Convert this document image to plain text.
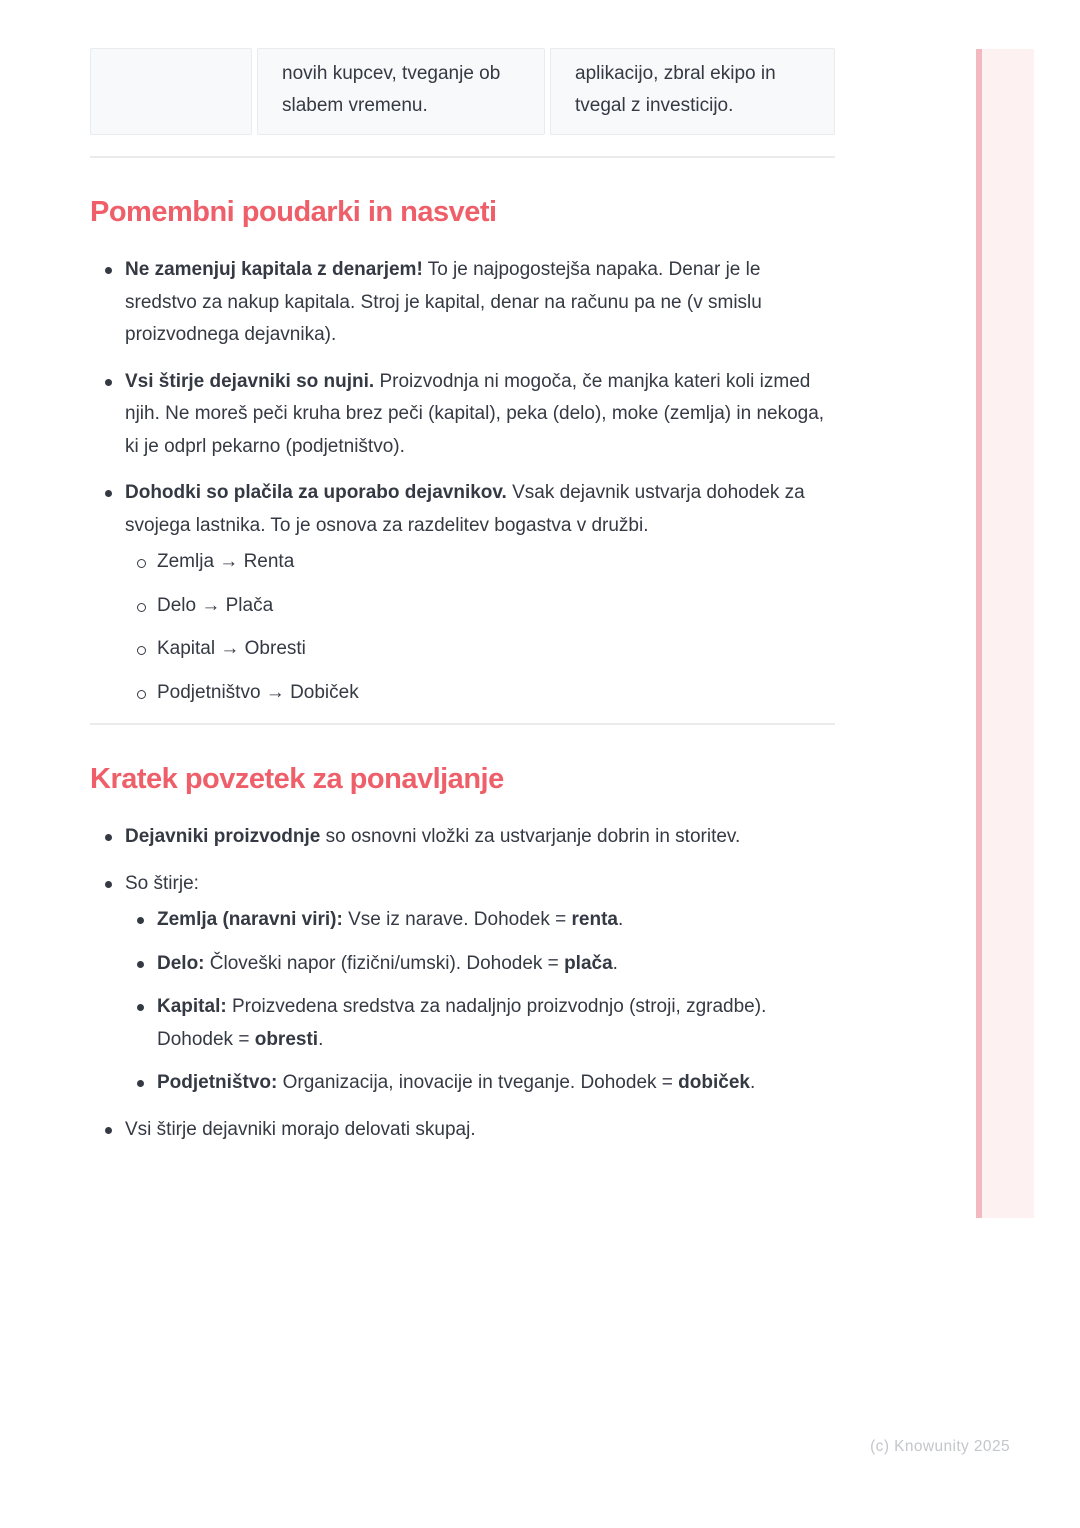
novih kupcev, tveganje ob slabem vremenu.
aplikacijo, zbral ekipo in tvegal z investicijo.
Pomembni poudarki in nasveti
Ne zamenjuj kapitala z denarjem! To je najpogostejša napaka. Denar je le sredstvo za nakup kapitala. Stroj je kapital, denar na računu pa ne (v smislu proizvodnega dejavnika).
Vsi štirje dejavniki so nujni. Proizvodnja ni mogoča, če manjka kateri koli izmed njih. Ne moreš peči kruha brez peči (kapital), peka (delo), moke (zemlja) in nekoga, ki je odprl pekarno (podjetništvo).
Dohodki so plačila za uporabo dejavnikov. Vsak dejavnik ustvarja dohodek za svojega lastnika. To je osnova za razdelitev bogastva v družbi.
Zemlja → Renta
Delo → Plača
Kapital → Obresti
Podjetništvo → Dobiček
Kratek povzetek za ponavljanje
Dejavniki proizvodnje so osnovni vložki za ustvarjanje dobrin in storitev.
So štirje:
Zemlja (naravni viri): Vse iz narave. Dohodek = renta.
Delo: Človeški napor (fizični/umski). Dohodek = plača.
Kapital: Proizvedena sredstva za nadaljnjo proizvodnjo (stroji, zgradbe). Dohodek = obresti.
Podjetništvo: Organizacija, inovacije in tveganje. Dohodek = dobiček.
Vsi štirje dejavniki morajo delovati skupaj.
(c) Knowunity 2025
